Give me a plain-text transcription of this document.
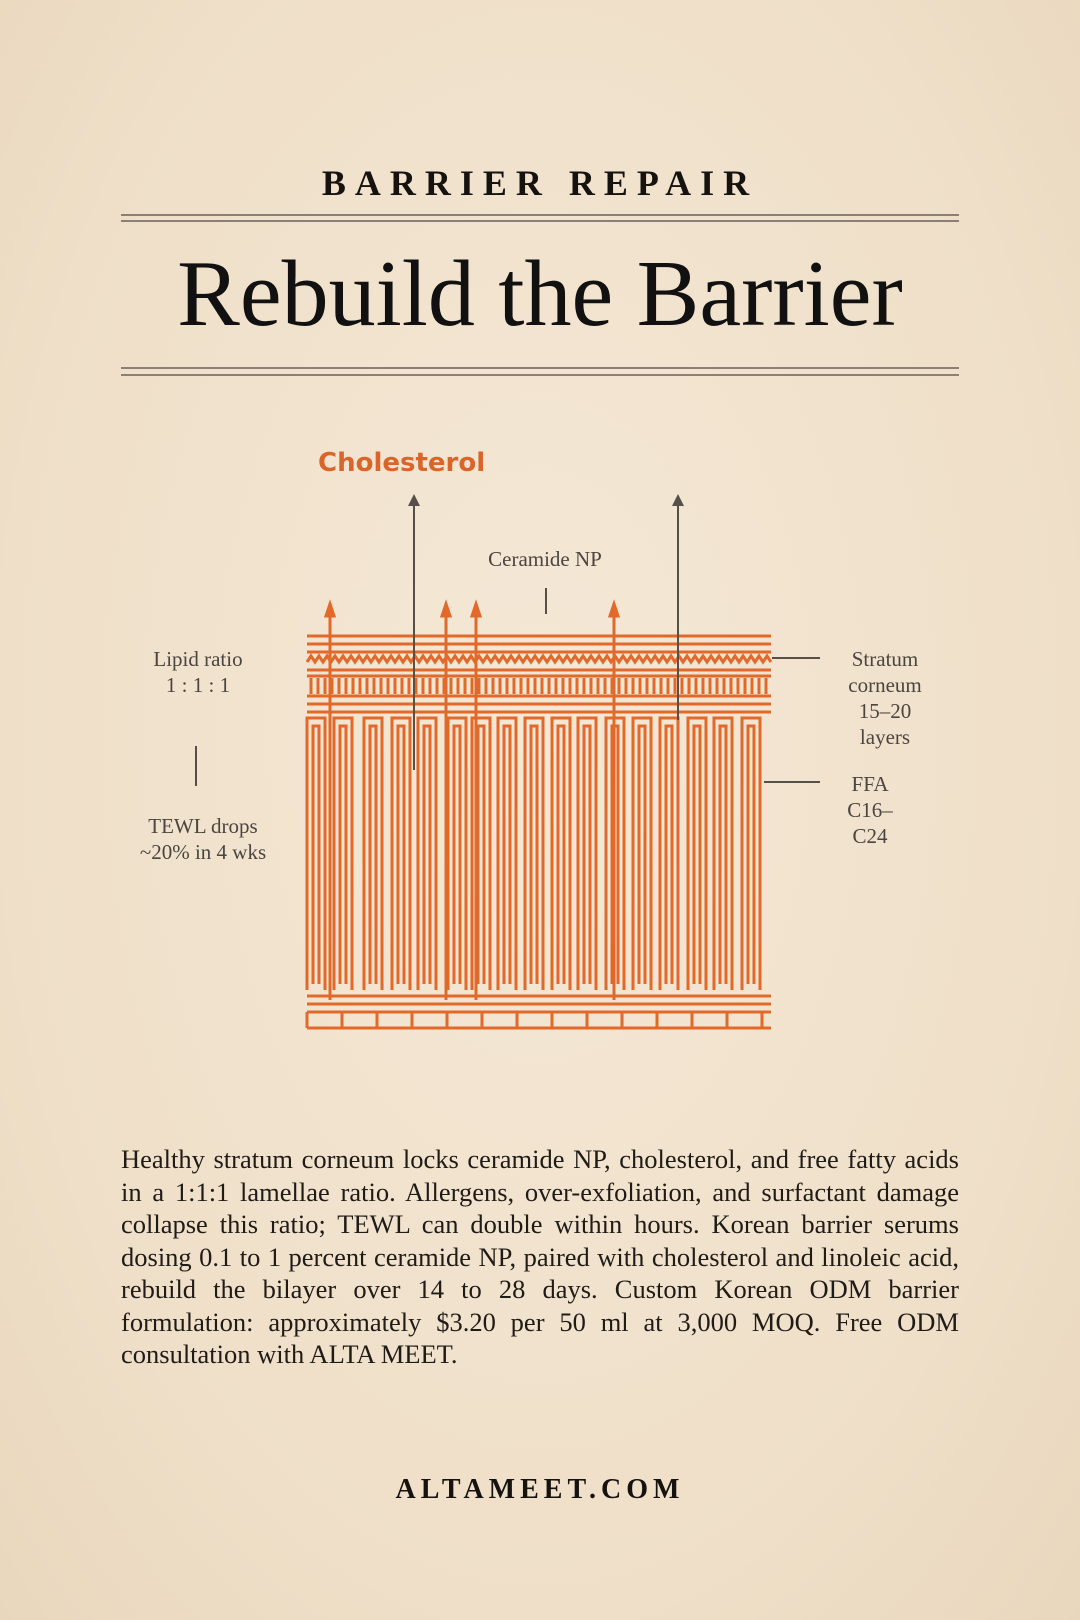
BARRIER REPAIR
Rebuild the Barrier
Cholesterol
Ceramide NP
Lipid ratio
1 : 1 : 1
TEWL drops
~20% in 4 wks
Stratum
corneum
15–20
layers
FFA
C16–
C24
Healthy stratum corneum locks ceramide NP, cholesterol, and free fatty acids in a 1:1:1 lamellae ratio. Allergens, over-exfoliation, and surfactant damage collapse this ratio; TEWL can double within hours. Korean barrier serums dosing 0.1 to 1 percent ceramide NP, paired with cholesterol and linoleic acid, rebuild the bilayer over 14 to 28 days. Custom Korean ODM barrier formulation: approximately $3.20 per 50 ml at 3,000 MOQ. Free ODM consultation with ALTA MEET.
ALTAMEET.COM
